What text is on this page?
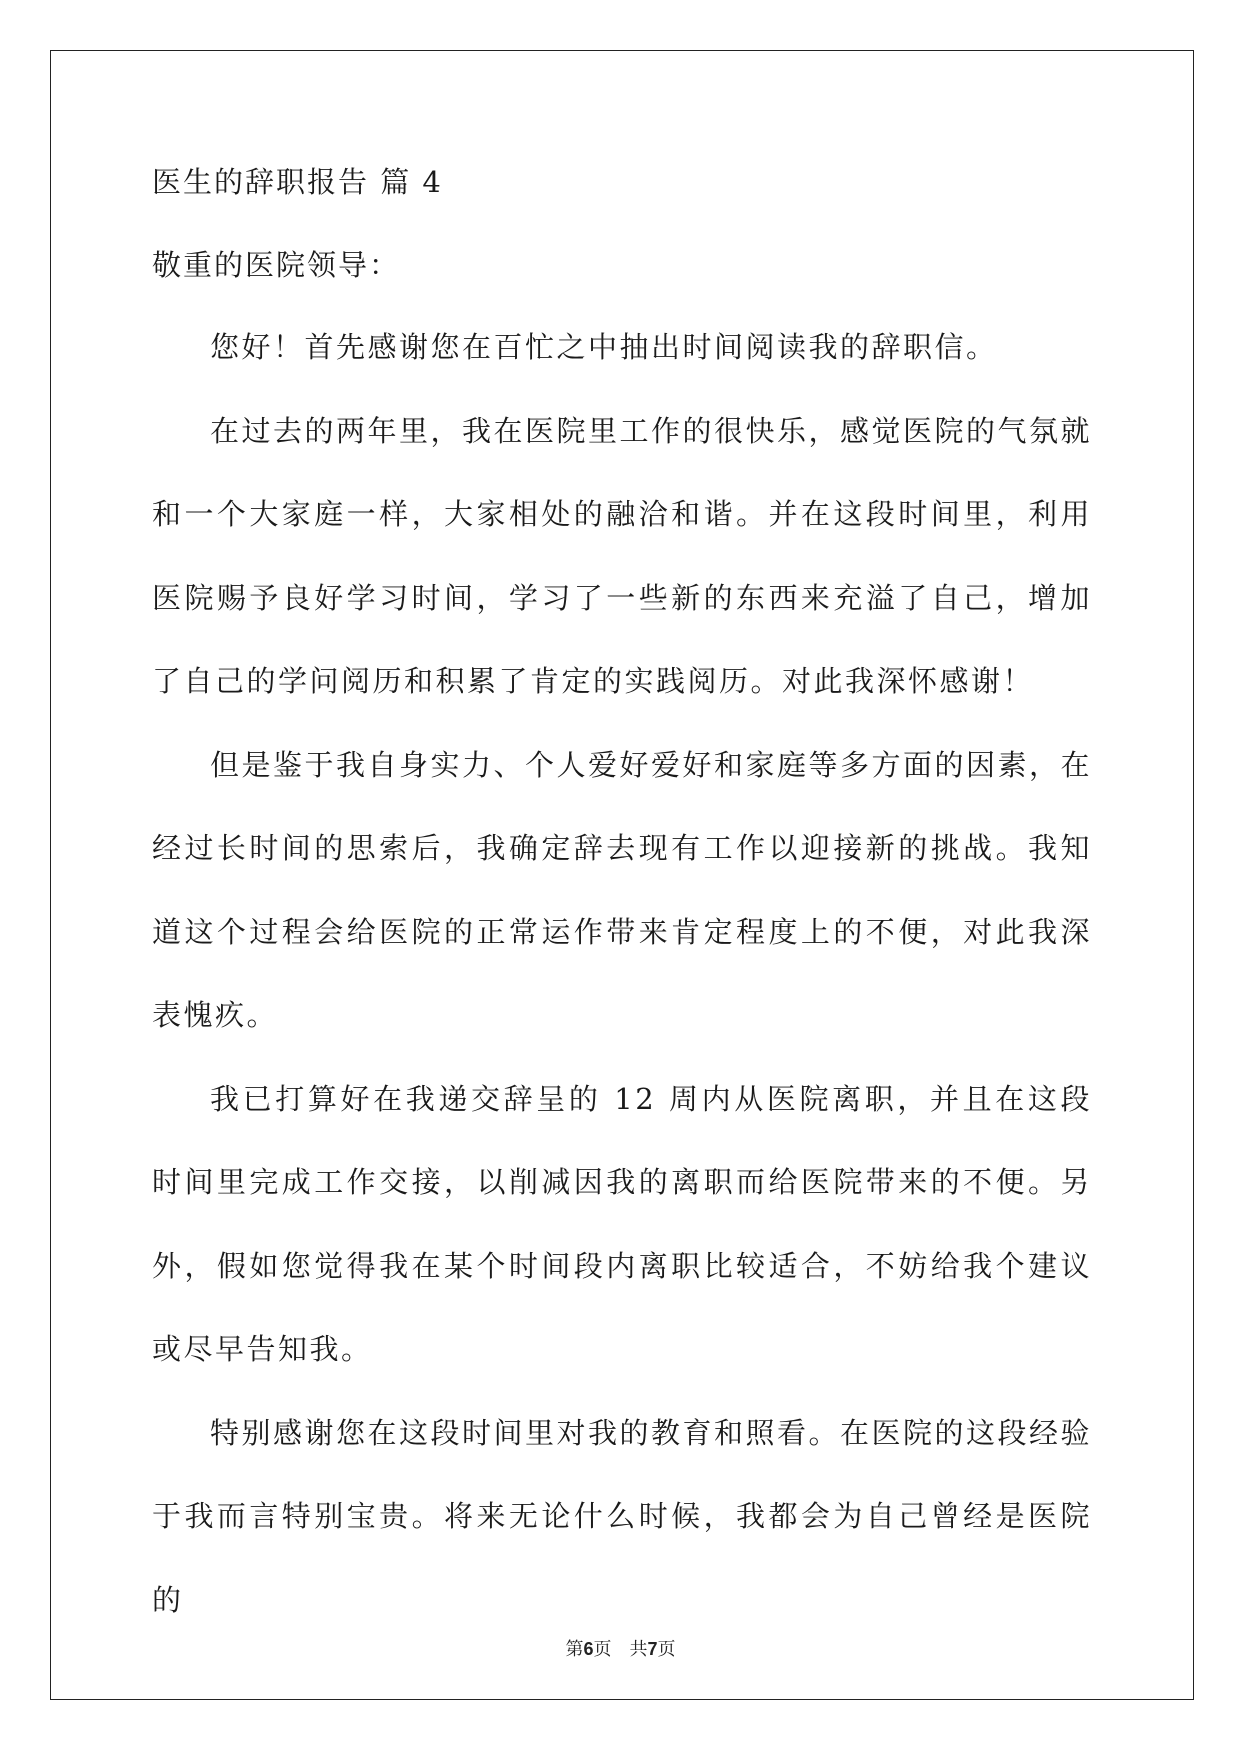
医生的辞职报告 篇 4
敬重的医院领导：

您好！首先感谢您在百忙之中抽出时间阅读我的辞职信。

在过去的两年里，我在医院里工作的很快乐，感觉医院的气氛就和一个大家庭一样，大家相处的融洽和谐。并在这段时间里，利用医院赐予良好学习时间，学习了一些新的东西来充溢了自己，增加了自己的学问阅历和积累了肯定的实践阅历。对此我深怀感谢！

但是鉴于我自身实力、个人爱好爱好和家庭等多方面的因素，在经过长时间的思索后，我确定辞去现有工作以迎接新的挑战。我知道这个过程会给医院的正常运作带来肯定程度上的不便，对此我深表愧疚。

我已打算好在我递交辞呈的 12 周内从医院离职，并且在这段时间里完成工作交接，以削减因我的离职而给医院带来的不便。另外，假如您觉得我在某个时间段内离职比较适合，不妨给我个建议或尽早告知我。

特别感谢您在这段时间里对我的教育和照看。在医院的这段经验于我而言特别宝贵。将来无论什么时候，我都会为自己曾经是医院的

第6页　共7页
